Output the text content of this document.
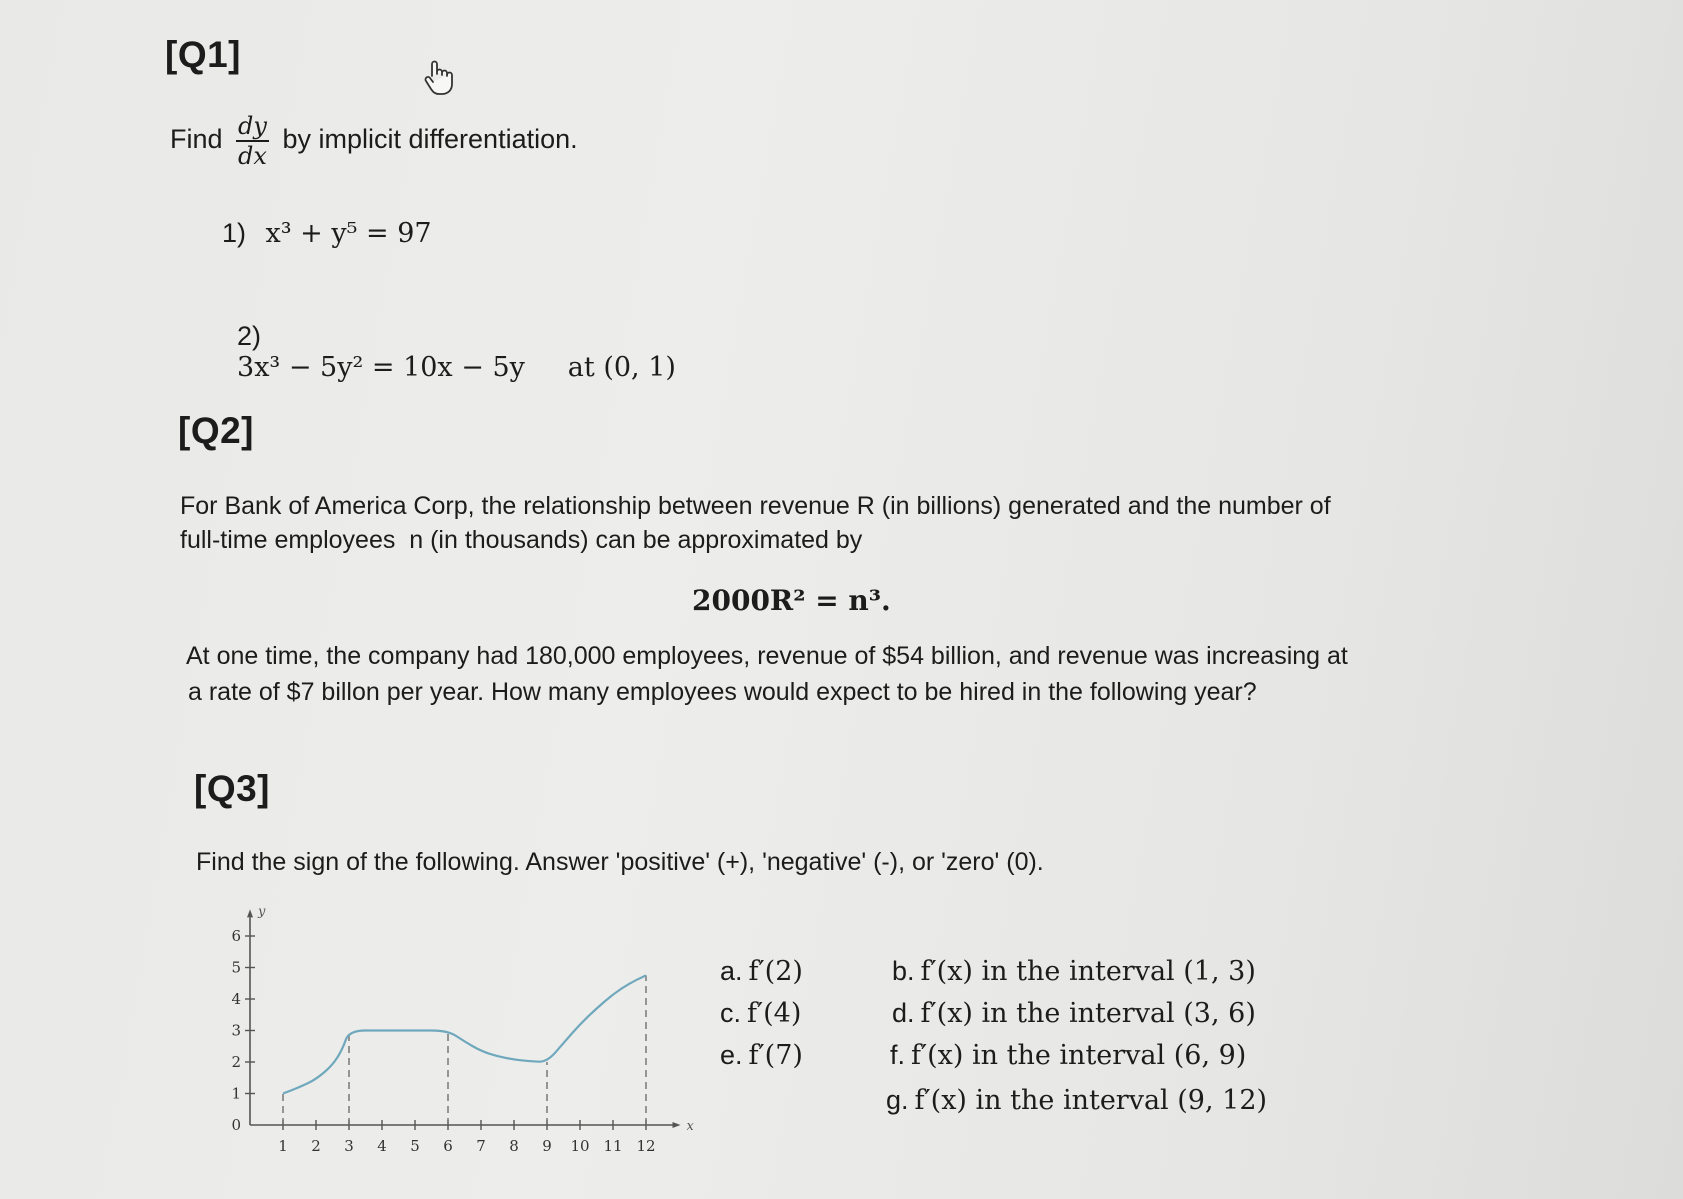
[Q1]
Find $\frac{dy}{dx}$ by implicit differentiation.
1) x³ + y⁵ = 97

2)
3x³ − 5y² = 10x − 5y     at (0, 1)

[Q2]
For Bank of America Corp, the relationship between revenue R (in billions) generated and the number of
full-time employees  n (in thousands) can be approximated by
2000R² = n³.
At one time, the company had 180,000 employees, revenue of $54 billion, and revenue was increasing at
a rate of $7 billon per year. How many employees would expect to be hired in the following year?
[Q3]
Find the sign of the following. Answer 'positive' (+), 'negative' (-), or 'zero' (0).
a. f′(2)	b. f′(x) in the interval (1, 3)
c. f′(4)	d. f′(x) in the interval (3, 6)
e. f′(7)	f. f′(x) in the interval (6, 9)
g. f′(x) in the interval (9, 12)
x
y
1 2 3 4 5 6 7 8 9 10 11 12
0
1
2
3
4
5
6
